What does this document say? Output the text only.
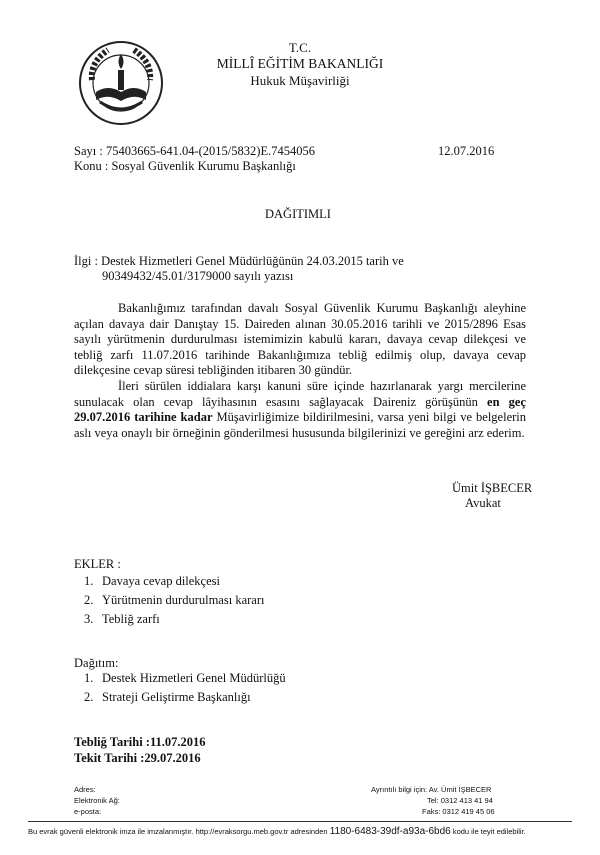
T.C.
MİLLÎ EĞİTİM BAKANLIĞI
Hukuk Müşavirliği
Sayı : 75403665-641.04-(2015/5832)E.7454056
Konu : Sosyal Güvenlik Kurumu Başkanlığı
12.07.2016
DAĞITIMLI
İlgi : Destek Hizmetleri Genel Müdürlüğünün 24.03.2015 tarih ve
90349432/45.01/3179000 sayılı yazısı
Bakanlığımız tarafından davalı Sosyal Güvenlik Kurumu Başkanlığı aleyhine açılan davaya dair Danıştay 15. Daireden alınan 30.05.2016 tarihli ve 2015/2896 Esas sayılı yürütmenin durdurulması istemimizin kabulü kararı, davaya cevap dilekçesi ve tebliğ zarfı 11.07.2016 tarihinde Bakanlığımıza tebliğ edilmiş olup, davaya cevap dilekçesine cevap süresi tebliğinden itibaren 30 gündür.
İleri sürülen iddialara karşı kanuni süre içinde hazırlanarak yargı mercilerine sunulacak olan cevap lâyihasının esasını sağlayacak Daireniz görüşünün en geç 29.07.2016 tarihine kadar Müşavirliğimize bildirilmesini, varsa yeni bilgi ve belgelerin aslı veya onaylı bir örneğinin gönderilmesi hususunda bilgilerinizi ve gereğini arz ederim.
Ümit İŞBECER
Avukat
EKLER :
1. Davaya cevap dilekçesi
2. Yürütmenin durdurulması kararı
3. Tebliğ zarfı
Dağıtım:
1. Destek Hizmetleri Genel Müdürlüğü
2. Strateji Geliştirme Başkanlığı
Tebliğ Tarihi :11.07.2016
Tekit Tarihi :29.07.2016
Adres:
Elektronik Ağ:
e-posta:
Ayrıntılı bilgi için: Av. Ümit İŞBECER
Tel: 0312 413 41 94
Faks: 0312 419 45 06
Bu evrak güvenli elektronik imza ile imzalanmıştır. http://evraksorgu.meb.gov.tr adresinden 1180-6483-39df-a93a-6bd6 kodu ile teyit edilebilir.
